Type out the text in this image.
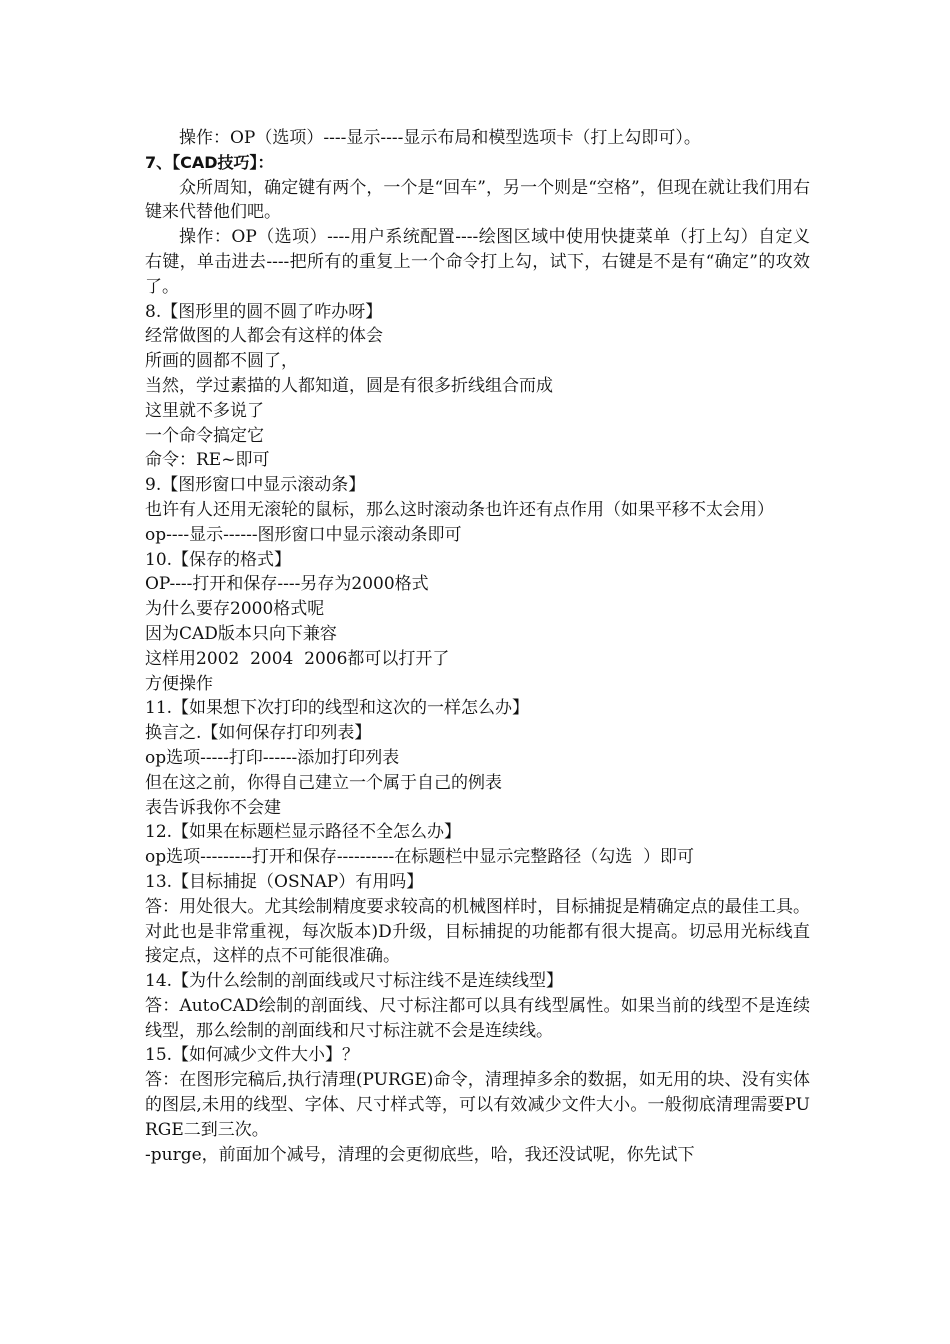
操作：OP（选项）----显示----显示布局和模型选项卡（打上勾即可）。
7、【CAD技巧】：
众所周知，确定键有两个，一个是“回车”，另一个则是“空格”，但现在就让我们用右键来代替他们吧。
操作：OP（选项）----用户系统配置----绘图区域中使用快捷菜单（打上勾）自定义右键，单击进去----把所有的重复上一个命令打上勾，试下，右键是不是有“确定”的攻效了。
8.【图形里的圆不圆了咋办呀】
经常做图的人都会有这样的体会
所画的圆都不圆了，
当然，学过素描的人都知道，圆是有很多折线组合而成
这里就不多说了
一个命令搞定它
命令：RE~即可
9.【图形窗口中显示滚动条】
也许有人还用无滚轮的鼠标，那么这时滚动条也许还有点作用（如果平移不太会用）
op----显示------图形窗口中显示滚动条即可
10.【保存的格式】
OP----打开和保存----另存为2000格式
为什么要存2000格式呢
因为CAD版本只向下兼容
这样用2002  2004  2006都可以打开了
方便操作
11.【如果想下次打印的线型和这次的一样怎么办】
换言之.【如何保存打印列表】
op选项-----打印------添加打印列表
但在这之前，你得自己建立一个属于自己的例表
表告诉我你不会建
12.【如果在标题栏显示路径不全怎么办】
op选项---------打开和保存----------在标题栏中显示完整路径（勾选  ）即可
13.【目标捕捉（OSNAP）有用吗】
答：用处很大。尤其绘制精度要求较高的机械图样时，目标捕捉是精确定点的最佳工具。对此也是非常重视，每次版本)D升级，目标捕捉的功能都有很大提高。切忌用光标线直接定点，这样的点不可能很准确。
14.【为什么绘制的剖面线或尺寸标注线不是连续线型】
答：AutoCAD绘制的剖面线、尺寸标注都可以具有线型属性。如果当前的线型不是连续线型，那么绘制的剖面线和尺寸标注就不会是连续线。
15.【如何减少文件大小】？
答：在图形完稿后,执行清理(PURGE)命令，清理掉多余的数据，如无用的块、没有实体的图层,未用的线型、字体、尺寸样式等，可以有效减少文件大小。一般彻底清理需要PURGE二到三次。
-purge，前面加个减号，清理的会更彻底些，哈，我还没试呢，你先试下
